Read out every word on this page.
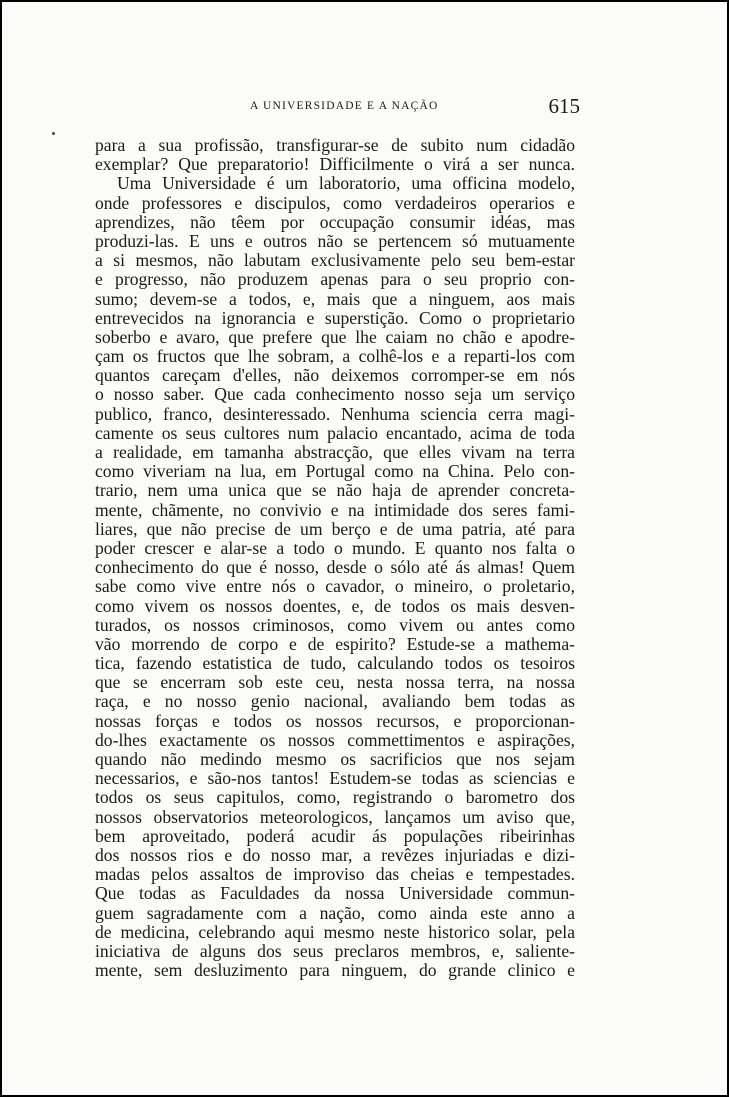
A UNIVERSIDADE E A NAÇÃO	615
para a sua profissão, transfigurar-se de subito num cidadão
exemplar? Que preparatorio! Difficilmente o virá a ser nunca.
Uma Universidade é um laboratorio, uma officina modelo,
onde professores e discipulos, como verdadeiros operarios e
aprendizes, não têem por occupação consumir idéas, mas
produzi-las. E uns e outros não se pertencem só mutuamente
a si mesmos, não labutam exclusivamente pelo seu bem-estar
e progresso, não produzem apenas para o seu proprio con-
sumo; devem-se a todos, e, mais que a ninguem, aos mais
entrevecidos na ignorancia e superstição. Como o proprietario
soberbo e avaro, que prefere que lhe caiam no chão e apodre-
çam os fructos que lhe sobram, a colhê-los e a reparti-los com
quantos careçam d'elles, não deixemos corromper-se em nós
o nosso saber. Que cada conhecimento nosso seja um serviço
publico, franco, desinteressado. Nenhuma sciencia cerra magi-
camente os seus cultores num palacio encantado, acima de toda
a realidade, em tamanha abstracção, que elles vivam na terra
como viveriam na lua, em Portugal como na China. Pelo con-
trario, nem uma unica que se não haja de aprender concreta-
mente, chãmente, no convivio e na intimidade dos seres fami-
liares, que não precise de um berço e de uma patria, até para
poder crescer e alar-se a todo o mundo. E quanto nos falta o
conhecimento do que é nosso, desde o sólo até ás almas! Quem
sabe como vive entre nós o cavador, o mineiro, o proletario,
como vivem os nossos doentes, e, de todos os mais desven-
turados, os nossos criminosos, como vivem ou antes como
vão morrendo de corpo e de espirito? Estude-se a mathema-
tica, fazendo estatistica de tudo, calculando todos os tesoiros
que se encerram sob este ceu, nesta nossa terra, na nossa
raça, e no nosso genio nacional, avaliando bem todas as
nossas forças e todos os nossos recursos, e proporcionan-
do-lhes exactamente os nossos commettimentos e aspirações,
quando não medindo mesmo os sacrificios que nos sejam
necessarios, e são-nos tantos! Estudem-se todas as sciencias e
todos os seus capitulos, como, registrando o barometro dos
nossos observatorios meteorologicos, lançamos um aviso que,
bem aproveitado, poderá acudir ás populações ribeirinhas
dos nossos rios e do nosso mar, a revêzes injuriadas e dizi-
madas pelos assaltos de improviso das cheias e tempestades.
Que todas as Faculdades da nossa Universidade commun-
guem sagradamente com a nação, como ainda este anno a
de medicina, celebrando aqui mesmo neste historico solar, pela
iniciativa de alguns dos seus preclaros membros, e, saliente-
mente, sem desluzimento para ninguem, do grande clinico e
